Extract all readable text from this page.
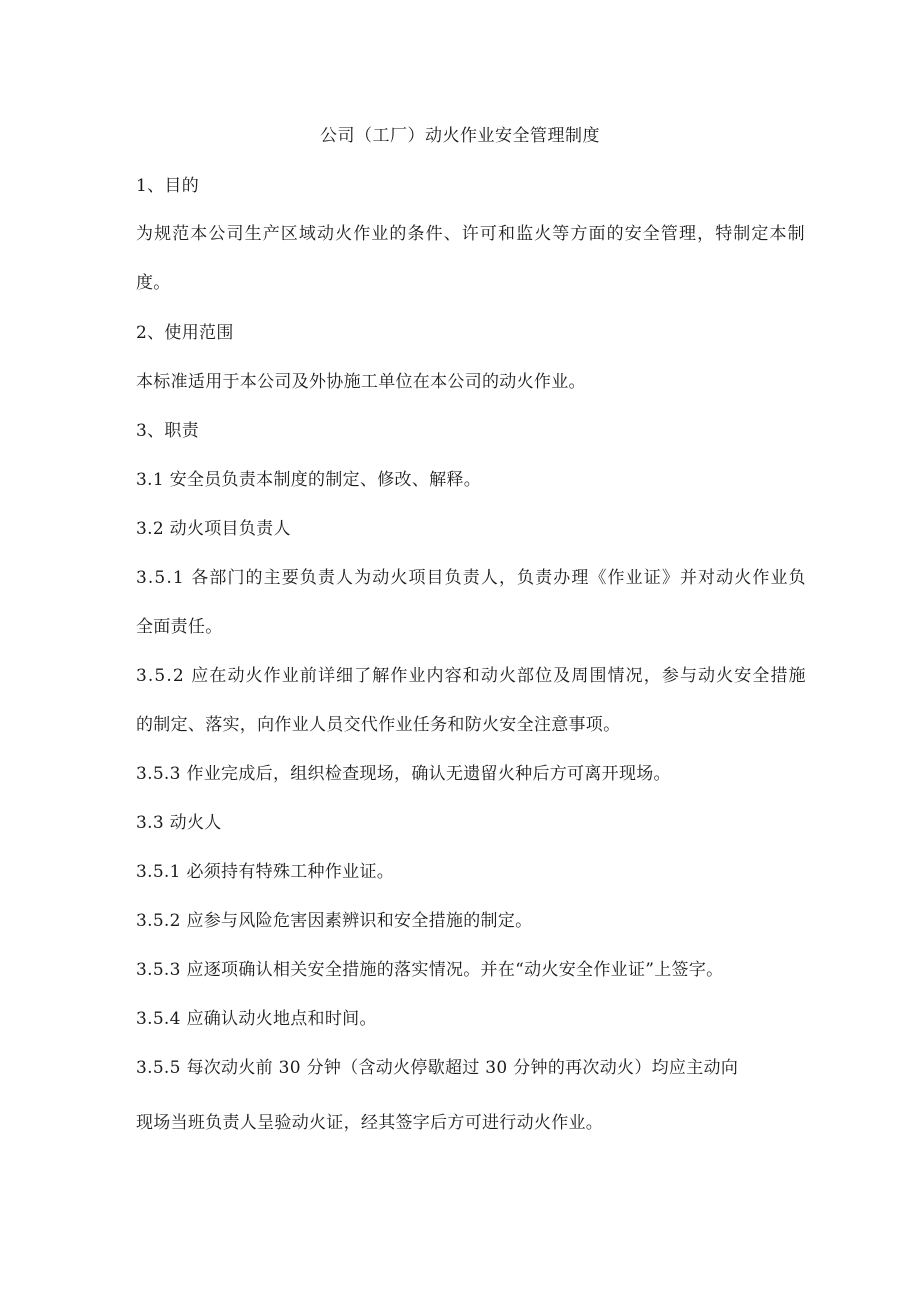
公司（工厂）动火作业安全管理制度
1、目的
为规范本公司生产区域动火作业的条件、许可和监火等方面的安全管理，特制定本制
度。
2、使用范围
本标准适用于本公司及外协施工单位在本公司的动火作业。
3、职责
3.1 安全员负责本制度的制定、修改、解释。
3.2 动火项目负责人
3.5.1 各部门的主要负责人为动火项目负责人，负责办理《作业证》并对动火作业负
全面责任。
3.5.2 应在动火作业前详细了解作业内容和动火部位及周围情况，参与动火安全措施
的制定、落实，向作业人员交代作业任务和防火安全注意事项。
3.5.3 作业完成后，组织检查现场，确认无遗留火种后方可离开现场。
3.3 动火人
3.5.1 必须持有特殊工种作业证。
3.5.2 应参与风险危害因素辨识和安全措施的制定。
3.5.3 应逐项确认相关安全措施的落实情况。并在“动火安全作业证”上签字。
3.5.4 应确认动火地点和时间。
3.5.5 每次动火前 30 分钟（含动火停歇超过 30 分钟的再次动火）均应主动向
现场当班负责人呈验动火证，经其签字后方可进行动火作业。
